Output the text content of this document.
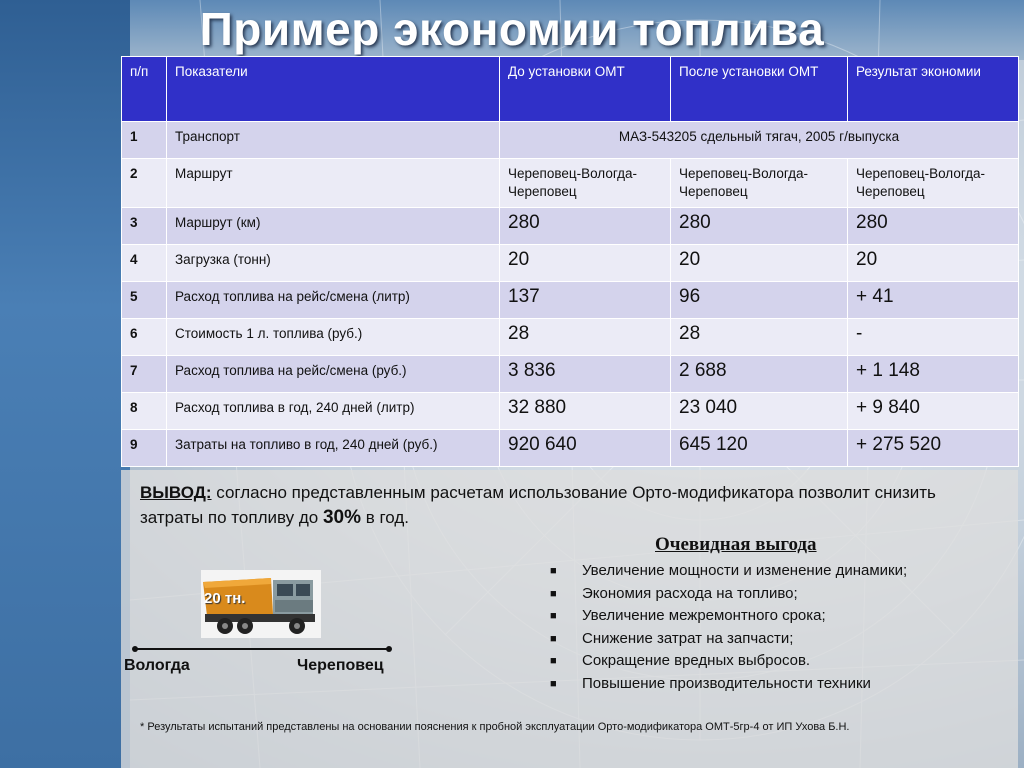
Пример экономии топлива
п/п	Показатели	До установки ОМТ	После установки ОМТ	Результат экономии
1	Транспорт	МАЗ-543205 сдельный тягач, 2005 г/выпуска		
2	Маршрут	Череповец-Вологда-Череповец	Череповец-Вологда-Череповец	Череповец-Вологда-Череповец
3	Маршрут (км)	280	280	280
4	Загрузка (тонн)	20	20	20
5	Расход топлива на рейс/смена (литр)	137	96	+ 41
6	Стоимость 1 л. топлива (руб.)	28	28	-
7	Расход топлива на рейс/смена (руб.)	3 836	2 688	+ 1 148
8	Расход топлива в год, 240 дней (литр)	32 880	23 040	+ 9 840
9	Затраты на топливо в год, 240 дней (руб.)	920 640	645 120	+ 275 520
ВЫВОД: согласно представленным расчетам использование Орто-модификатора позволит снизить затраты по топливу до 30% в год.
Очевидная выгода
■ Увеличение мощности и изменение динамики;
■ Экономия расхода на топливо;
■ Увеличение межремонтного срока;
■ Снижение затрат на запчасти;
■ Сокращение вредных выбросов.
■ Повышение производительности техники
20 тн.
Вологда	Череповец
* Результаты испытаний представлены на основании пояснения к пробной эксплуатации Орто-модификатора ОМТ-5гр-4 от ИП Ухова Б.Н.
